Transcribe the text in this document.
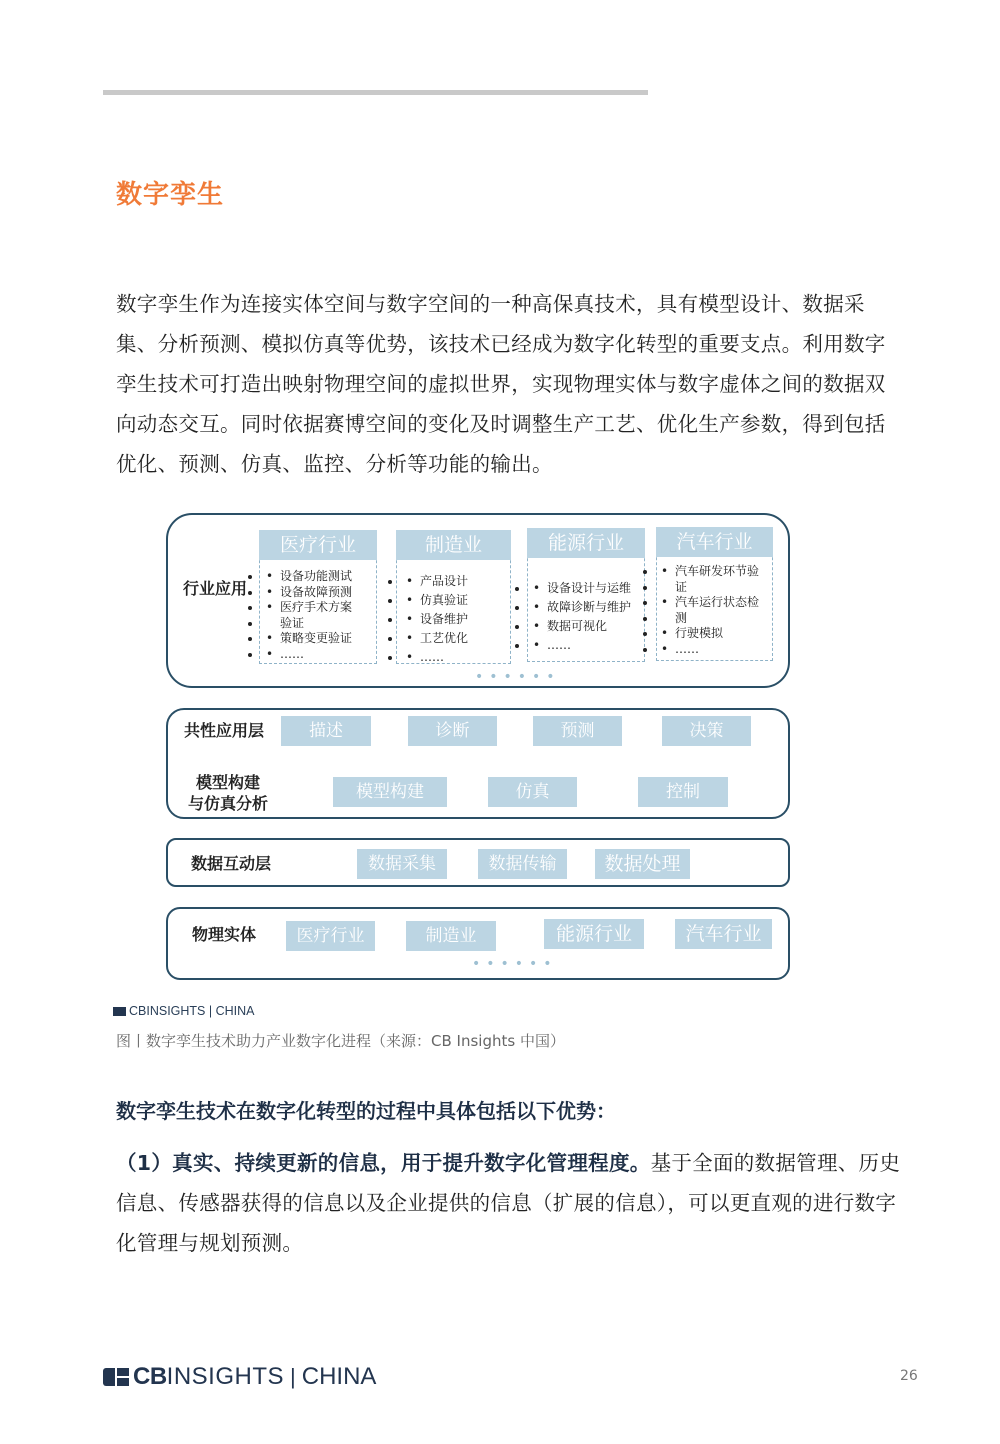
数字孪生

数字孪生作为连接实体空间与数字空间的一种高保真技术，具有模型设计、数据采集、分析预测、模拟仿真等优势，该技术已经成为数字化转型的重要支点。利用数字孪生技术可打造出映射物理空间的虚拟世界，实现物理实体与数字虚体之间的数据双向动态交互。同时依据赛博空间的变化及时调整生产工艺、优化生产参数，得到包括优化、预测、仿真、监控、分析等功能的输出。

行业应用
医疗行业
• • 设备功能测试
• • 设备故障预测
• • 医疗手术方案
• 验证
• • 策略变更验证
• • ……
制造业
• • 产品设计
• • 仿真验证
• • 设备维护
• • 工艺优化
• • ……
能源行业
• • 设备设计与运维
• • 故障诊断与维护
• • 数据可视化
• • ……
汽车行业
• • 汽车研发环节验
• 证
• • 汽车运行状态检
• 测
• • 行驶模拟
• • ……
••••••
共性应用层	描述	诊断	预测	决策
模型构建
与仿真分析
模型构建	仿真	控制
数据互动层	数据采集	数据传输	数据处理
物理实体	医疗行业	制造业	能源行业	汽车行业
••••••
CBINSIGHTS | CHINA
图丨数字孪生技术助力产业数字化进程（来源：CB Insights 中国）
数字孪生技术在数字化转型的过程中具体包括以下优势：

（1）真实、持续更新的信息，用于提升数字化管理程度。基于全面的数据管理、历史信息、传感器获得的信息以及企业提供的信息（扩展的信息），可以更直观的进行数字化管理与规划预测。

CB INSIGHTS | CHINA	26
